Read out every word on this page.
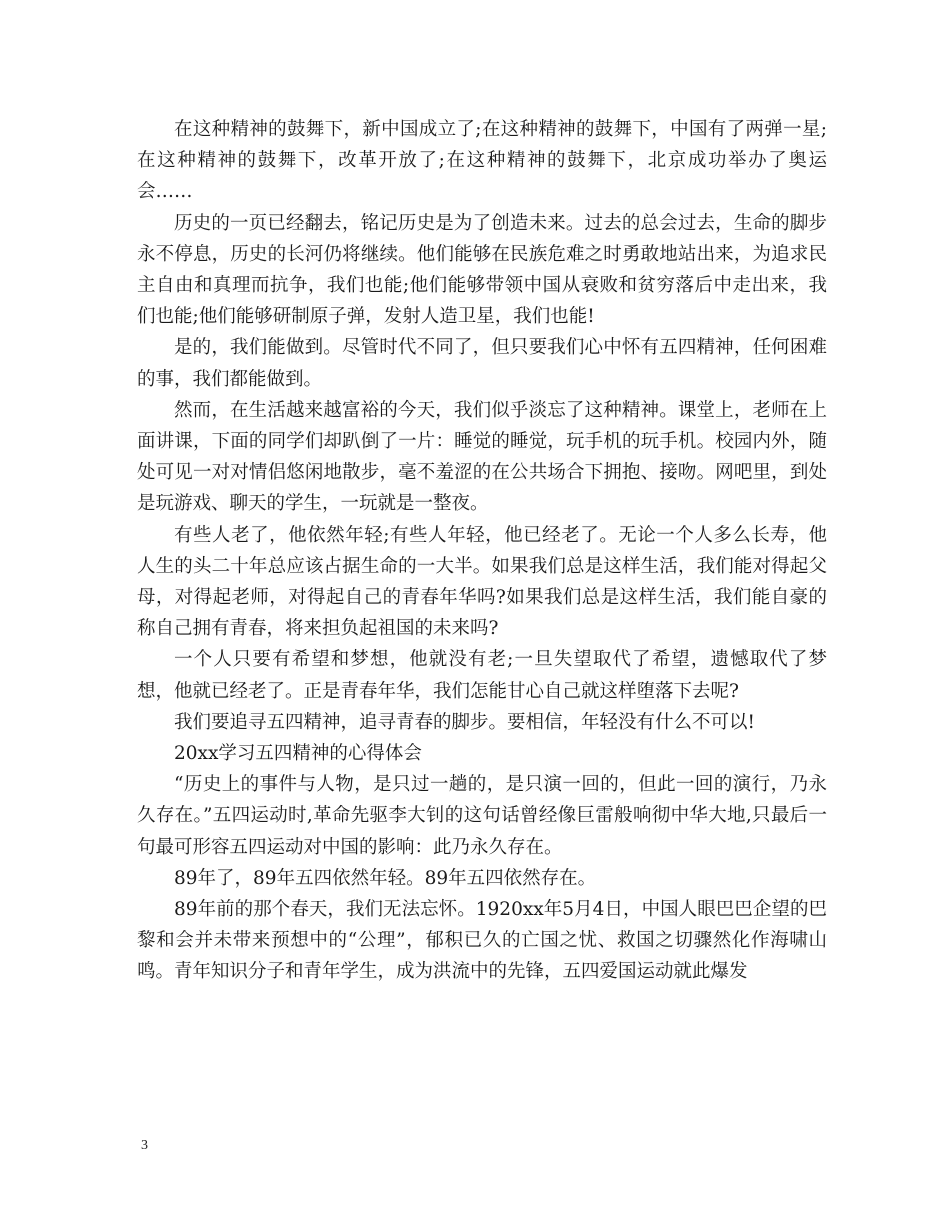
在这种精神的鼓舞下，新中国成立了;在这种精神的鼓舞下，中国有了两弹一星;在这种精神的鼓舞下，改革开放了;在这种精神的鼓舞下，北京成功举办了奥运会……

历史的一页已经翻去，铭记历史是为了创造未来。过去的总会过去，生命的脚步永不停息，历史的长河仍将继续。他们能够在民族危难之时勇敢地站出来，为追求民主自由和真理而抗争，我们也能;他们能够带领中国从衰败和贫穷落后中走出来，我们也能;他们能够研制原子弹，发射人造卫星，我们也能!

是的，我们能做到。尽管时代不同了，但只要我们心中怀有五四精神，任何困难的事，我们都能做到。

然而，在生活越来越富裕的今天，我们似乎淡忘了这种精神。课堂上，老师在上面讲课，下面的同学们却趴倒了一片：睡觉的睡觉，玩手机的玩手机。校园内外，随处可见一对对情侣悠闲地散步，毫不羞涩的在公共场合下拥抱、接吻。网吧里，到处是玩游戏、聊天的学生，一玩就是一整夜。

有些人老了，他依然年轻;有些人年轻，他已经老了。无论一个人多么长寿，他人生的头二十年总应该占据生命的一大半。如果我们总是这样生活，我们能对得起父母，对得起老师，对得起自己的青春年华吗?如果我们总是这样生活，我们能自豪的称自己拥有青春，将来担负起祖国的未来吗?

一个人只要有希望和梦想，他就没有老;一旦失望取代了希望，遗憾取代了梦想，他就已经老了。正是青春年华，我们怎能甘心自己就这样堕落下去呢?

我们要追寻五四精神，追寻青春的脚步。要相信，年轻没有什么不可以!

20xx学习五四精神的心得体会

“历史上的事件与人物，是只过一趟的，是只演一回的，但此一回的演行，乃永久存在。”五四运动时,革命先驱李大钊的这句话曾经像巨雷般响彻中华大地,只最后一句最可形容五四运动对中国的影响：此乃永久存在。

89年了，89年五四依然年轻。89年五四依然存在。

89年前的那个春天，我们无法忘怀。1920xx年5月4日，中国人眼巴巴企望的巴黎和会并未带来预想中的“公理”，郁积已久的亡国之忧、救国之切骤然化作海啸山鸣。青年知识分子和青年学生，成为洪流中的先锋，五四爱国运动就此爆发

3
